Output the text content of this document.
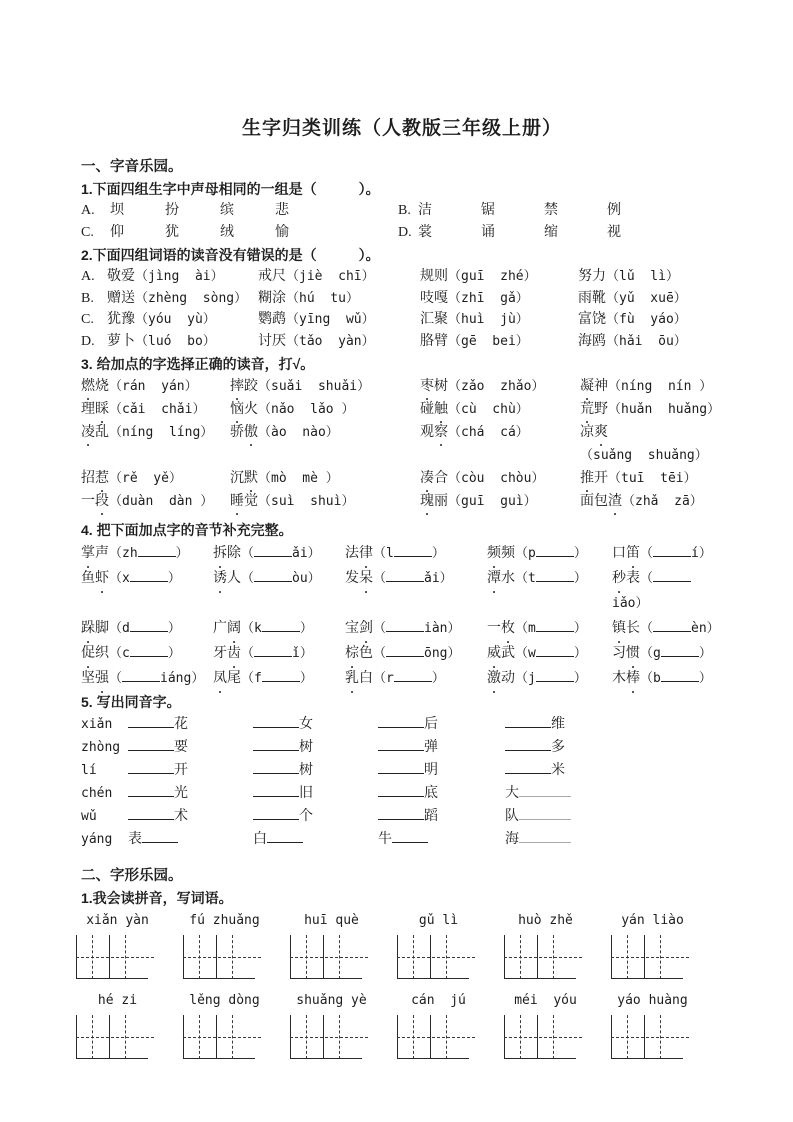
生字归类训练（人教版三年级上册）
一、字音乐园。
1.下面四组生字中声母相同的一组是（　　　）。
A. 坝	扮	缤	悲	B. 洁	锯	禁	例
C. 仰	犹	绒	愉	D. 裳	诵	缩	视
2.下面四组词语的读音没有错误的是（　　　）。
A. 敬爱（jìng  ài）	戒尺（jiè  chī）	规则（guī  zhé）	努力（lǔ  lì）
B. 赠送（zhèng  sòng） 糊涂（hú  tu）	吱嘎（zhī  gǎ）	雨靴（yǔ  xuē）
C. 犹豫（yóu  yù）	鹦鹉（yīng  wǔ）	汇聚（huì  jù）	富饶（fù  yáo）
D. 萝卜（luó  bo）	讨厌（tǎo  yàn）	胳臂（gē  bei）	海鸥（hǎi  ōu）
3. 给加点的字选择正确的读音，打√。
燃烧（rán  yán）	摔跤（suǎi  shuǎi）	枣树（zǎo  zhǎo）	凝神（níng  nín ）
理睬（cǎi  chǎi）	恼火（nǎo  lǎo ）	碰触（cù  chù）	荒野（huǎn  huǎng）
凌乱（níng  líng）	骄傲（ào  nào）	观察（chá  cá）	凉爽（suǎng  shuǎng）
招惹（rě  yě）	沉默（mò  mè ）	凑合（còu  chòu）	推开（tuī  tēi）
一段（duàn  dàn ）	睡觉（suì  shuì）	瑰丽（guī  guì）	面包渣（zhǎ  zā）
4. 把下面加点字的音节补充完整。
掌声（zh	）	拆除（	ǎi）	法律（l	）	频频（p	）	口笛（	í）
鱼虾（x	）	诱人（	òu）	发呆（	ǎi）	潭水（t	）	秒表（iǎo）
跺脚（d	）	广阔（k	）	宝剑（	iàn）	一枚（m	）	镇长（	èn）
促织（c	）	牙齿（	ǐ）	棕色（	ōng）	威武（w	）	习惯（g	）
坚强（	iáng） 凤尾（f	）	乳白（r	）	激动（j	）	木棒（b	）
5. 写出同音字。
xiǎn	花	女	后	维
zhòng	要	树	弹	多
lí	开	树	明	米
chén	光	旧	底	大
wǔ	术	个	蹈	队
yáng	表	白	牛	海
二、字形乐园。
1.我会读拼音，写词语。
xiǎn yàn	fú zhuǎng	huī què	gǔ lì	huò zhě	yán liào
hé zi	lěng dòng	shuǎng yè	cán  jú	méi  yóu	yáo huàng
